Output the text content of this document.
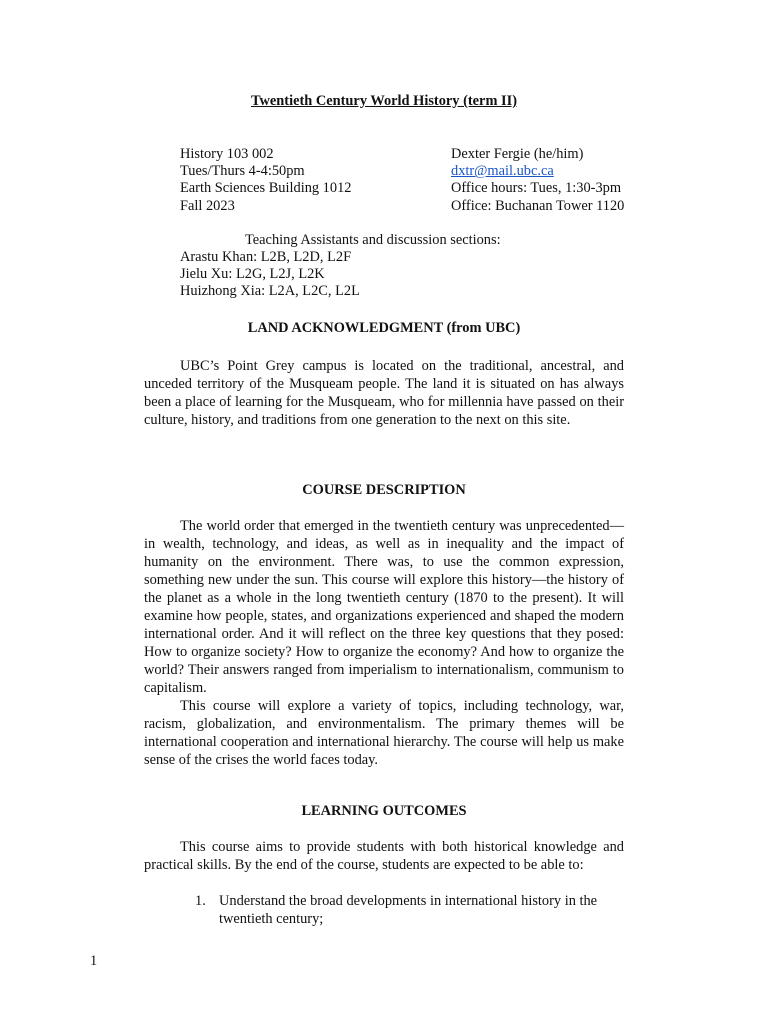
Twentieth Century World History (term II)
History 103 002
Tues/Thurs 4-4:50pm
Earth Sciences Building 1012
Fall 2023
Dexter Fergie (he/him)
dxtr@mail.ubc.ca
Office hours: Tues, 1:30-3pm
Office: Buchanan Tower 1120
Teaching Assistants and discussion sections:
Arastu Khan: L2B, L2D, L2F
Jielu Xu: L2G, L2J, L2K
Huizhong Xia: L2A, L2C, L2L
LAND ACKNOWLEDGMENT (from UBC)

UBC’s Point Grey campus is located on the traditional, ancestral, and unceded territory of the Musqueam people. The land it is situated on has always been a place of learning for the Musqueam, who for millennia have passed on their culture, history, and traditions from one generation to the next on this site.

COURSE DESCRIPTION

The world order that emerged in the twentieth century was unprecedented—in wealth, technology, and ideas, as well as in inequality and the impact of humanity on the environment. There was, to use the common expression, something new under the sun. This course will explore this history—the history of the planet as a whole in the long twentieth century (1870 to the present). It will examine how people, states, and organizations experienced and shaped the modern international order. And it will reflect on the three key questions that they posed: How to organize society? How to organize the economy? And how to organize the world? Their answers ranged from imperialism to internationalism, communism to capitalism.

This course will explore a variety of topics, including technology, war, racism, globalization, and environmentalism. The primary themes will be international cooperation and international hierarchy. The course will help us make sense of the crises the world faces today.

LEARNING OUTCOMES

This course aims to provide students with both historical knowledge and practical skills. By the end of the course, students are expected to be able to:

1. Understand the broad developments in international history in the twentieth century;
1
